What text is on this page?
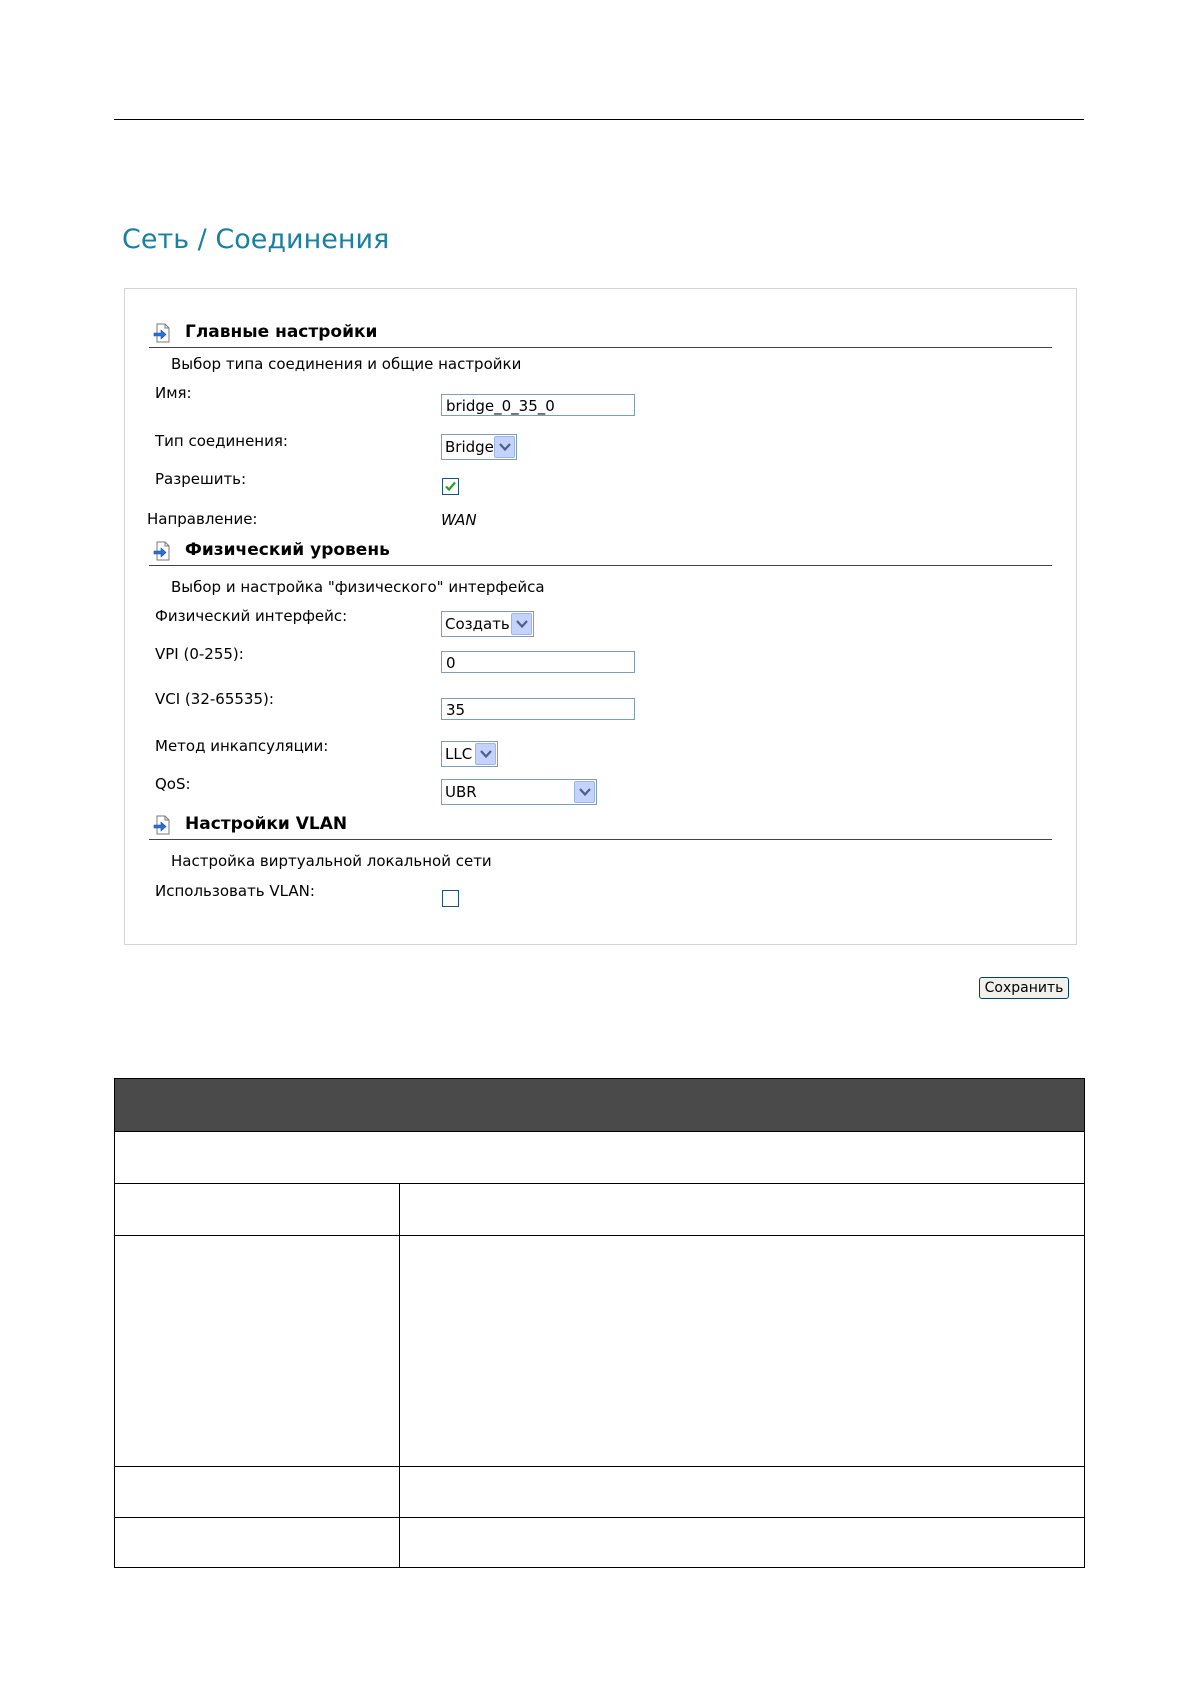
Сеть / Соединения
Главные настройки
Выбор типа соединения и общие настройки
Имя:
bridge_0_35_0
Тип соединения:	Bridge
Разрешить:
Направление:	WAN
Физический уровень
Выбор и настройка "физического" интерфейса
Физический интерфейс:	Создать
VPI (0-255):
0
VCI (32-65535):
35
Метод инкапсуляции:	LLC
QoS:	UBR
Настройки VLAN
Настройка виртуальной локальной сети
Использовать VLAN:
Сохранить
